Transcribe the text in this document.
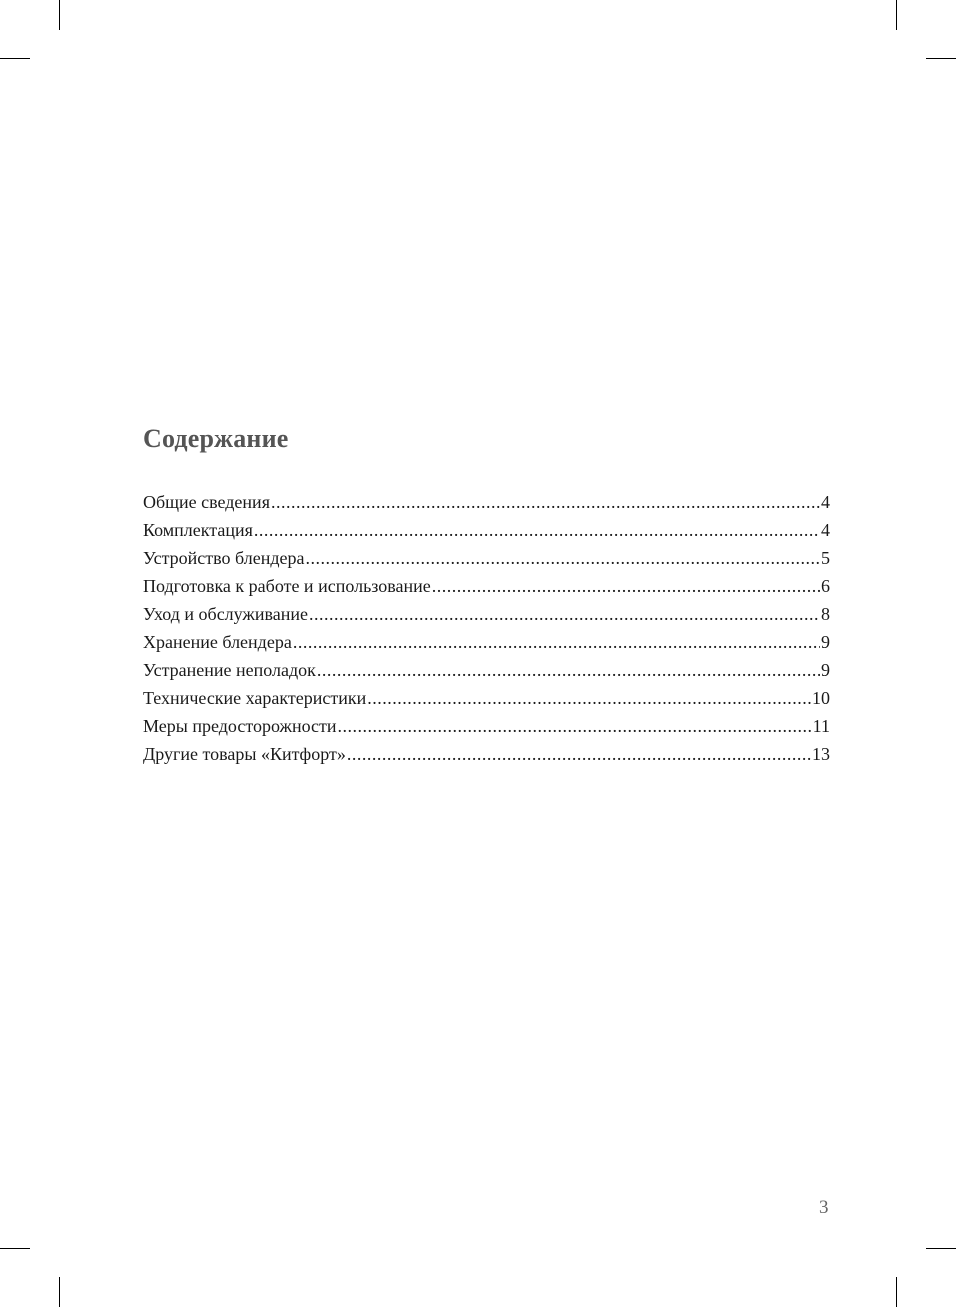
Содержание
Общие сведения .....	4
Комплектация .....	4
Устройство блендера .....	5
Подготовка к работе и использование .....	6
Уход и обслуживание .....	8
Хранение блендера .....	9
Устранение неполадок .....	9
Технические характеристики .....	10
Меры предосторожности .....	11
Другие товары «Китфорт» .....	13
3
